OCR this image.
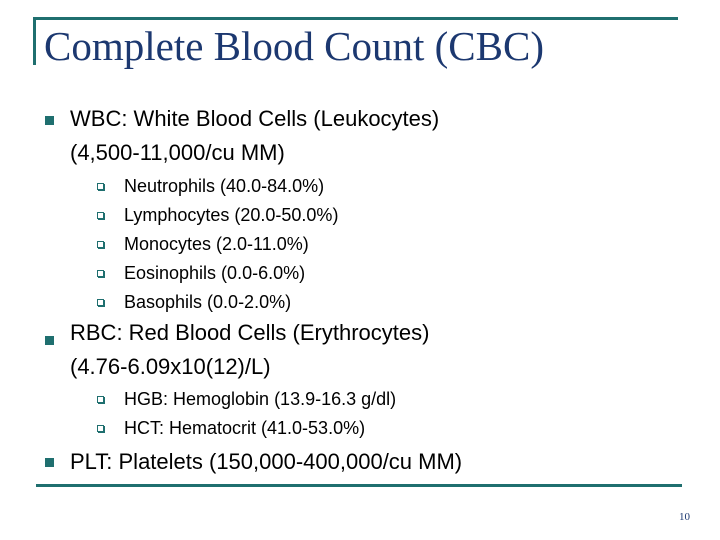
Complete Blood Count (CBC)
WBC: White Blood Cells (Leukocytes)
(4,500-11,000/cu MM)
Neutrophils (40.0-84.0%)
Lymphocytes (20.0-50.0%)
Monocytes (2.0-11.0%)
Eosinophils (0.0-6.0%)
Basophils (0.0-2.0%)
RBC: Red Blood Cells (Erythrocytes)
(4.76-6.09x10(12)/L)
HGB: Hemoglobin (13.9-16.3 g/dl)
HCT: Hematocrit (41.0-53.0%)
PLT: Platelets (150,000-400,000/cu MM)
10
